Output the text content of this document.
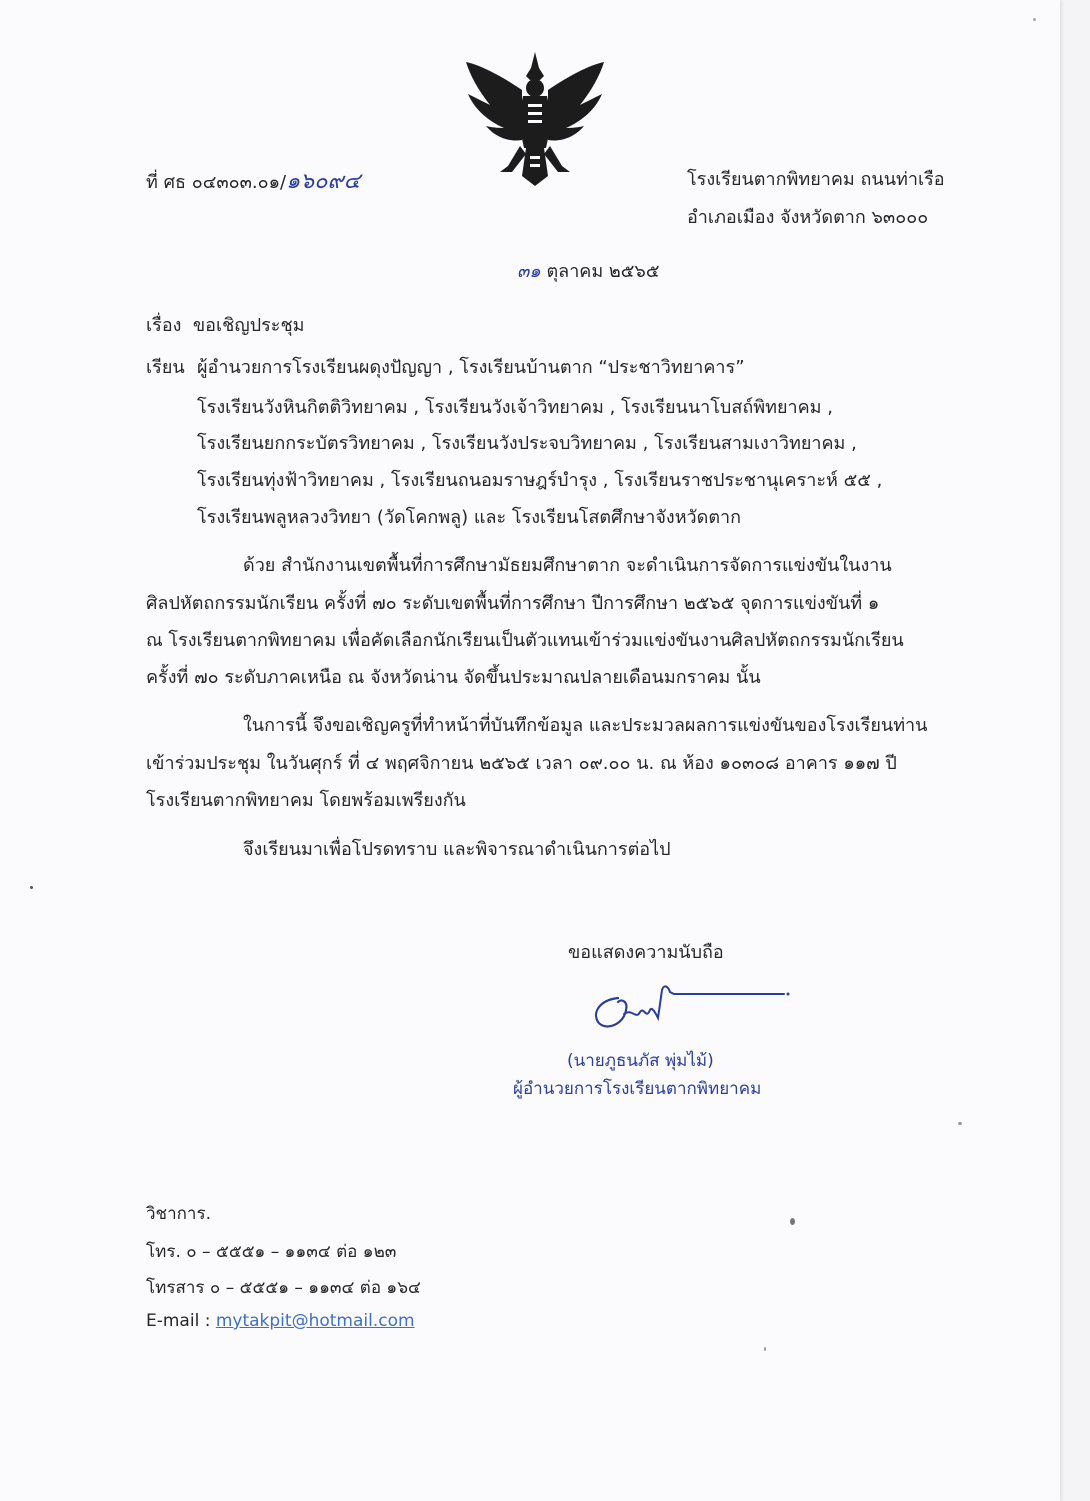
ที่ ศธ ๐๔๓๐๓.๐๑/๑๖๐๙๔	โรงเรียนตากพิทยาคม ถนนท่าเรือ
อำเภอเมือง จังหวัดตาก ๖๓๐๐๐
๓๑ ตุลาคม ๒๕๖๕
เรื่อง ขอเชิญประชุม
เรียน ผู้อำนวยการโรงเรียนผดุงปัญญา , โรงเรียนบ้านตาก “ประชาวิทยาคาร”
โรงเรียนวังหินกิตติวิทยาคม , โรงเรียนวังเจ้าวิทยาคม , โรงเรียนนาโบสถ์พิทยาคม ,
โรงเรียนยกกระบัตรวิทยาคม , โรงเรียนวังประจบวิทยาคม , โรงเรียนสามเงาวิทยาคม ,
โรงเรียนทุ่งฟ้าวิทยาคม , โรงเรียนถนอมราษฎร์บำรุง , โรงเรียนราชประชานุเคราะห์ ๕๕ ,
โรงเรียนพลูหลวงวิทยา (วัดโคกพลู) และ โรงเรียนโสตศึกษาจังหวัดตาก
ด้วย สำนักงานเขตพื้นที่การศึกษามัธยมศึกษาตาก จะดำเนินการจัดการแข่งขันในงาน
ศิลปหัตถกรรมนักเรียน ครั้งที่ ๗๐ ระดับเขตพื้นที่การศึกษา ปีการศึกษา ๒๕๖๕ จุดการแข่งขันที่ ๑
ณ โรงเรียนตากพิทยาคม เพื่อคัดเลือกนักเรียนเป็นตัวแทนเข้าร่วมแข่งขันงานศิลปหัตถกรรมนักเรียน
ครั้งที่ ๗๐ ระดับภาคเหนือ ณ จังหวัดน่าน จัดขึ้นประมาณปลายเดือนมกราคม นั้น
ในการนี้ จึงขอเชิญครูที่ทำหน้าที่บันทึกข้อมูล และประมวลผลการแข่งขันของโรงเรียนท่าน
เข้าร่วมประชุม ในวันศุกร์ ที่ ๔ พฤศจิกายน ๒๕๖๕ เวลา ๐๙.๐๐ น. ณ ห้อง ๑๐๓๐๘ อาคาร ๑๑๗ ปี
โรงเรียนตากพิทยาคม โดยพร้อมเพรียงกัน
จึงเรียนมาเพื่อโปรดทราบ และพิจารณาดำเนินการต่อไป
ขอแสดงความนับถือ
(นายภูธนภัส พุ่มไม้)
ผู้อำนวยการโรงเรียนตากพิทยาคม
วิชาการ.
โทร. ๐ – ๕๕๕๑ – ๑๑๓๔ ต่อ ๑๒๓
โทรสาร ๐ – ๕๕๕๑ – ๑๑๓๔ ต่อ ๑๖๔
E-mail : mytakpit@hotmail.com
